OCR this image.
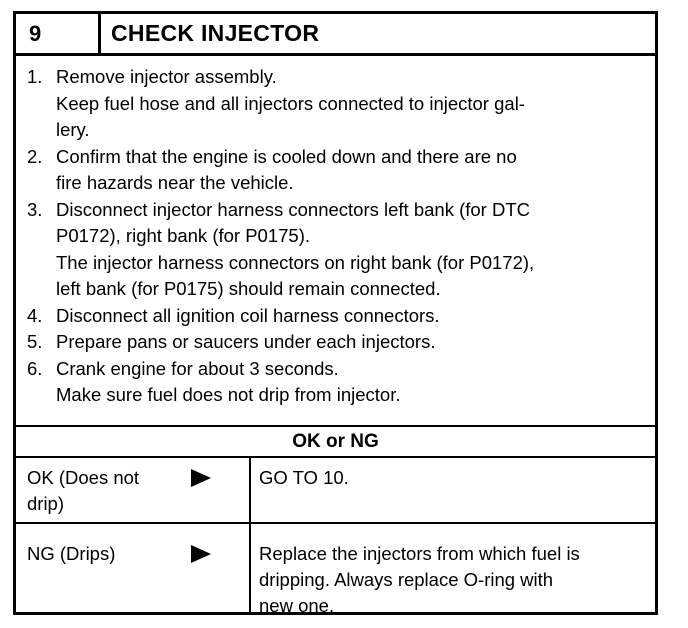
9	CHECK INJECTOR
1. Remove injector assembly.
Keep fuel hose and all injectors connected to injector gal-
lery.
2. Confirm that the engine is cooled down and there are no
fire hazards near the vehicle.
3. Disconnect injector harness connectors left bank (for DTC
P0172), right bank (for P0175).
The injector harness connectors on right bank (for P0172),
left bank (for P0175) should remain connected.
4. Disconnect all ignition coil harness connectors.
5. Prepare pans or saucers under each injectors.
6. Crank engine for about 3 seconds.
Make sure fuel does not drip from injector.
OK or NG
OK (Does not
drip)
GO TO 10.
NG (Drips)	Replace the injectors from which fuel is
dripping. Always replace O-ring with
new one.
